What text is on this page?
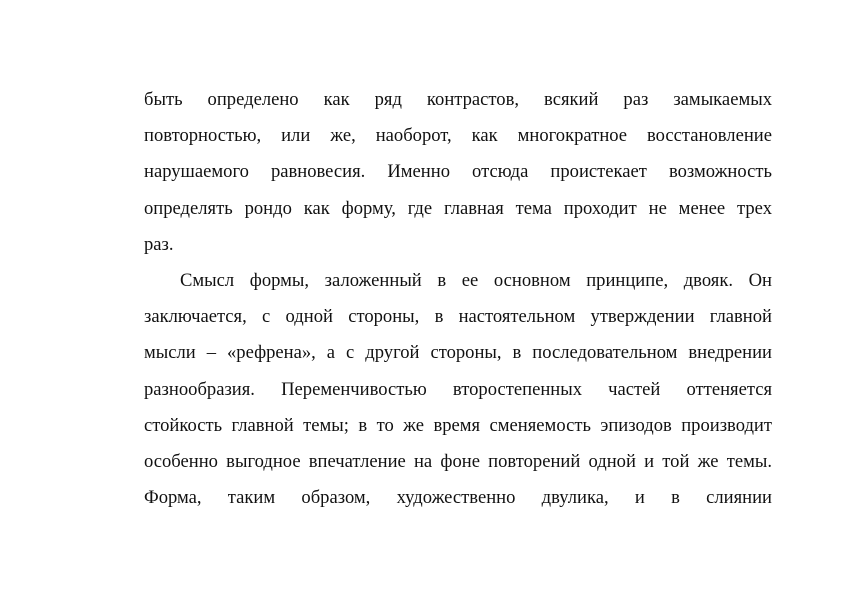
быть определено как ряд контрастов, всякий раз замыкаемых
повторностью, или же, наоборот, как многократное восстановление
нарушаемого равновесия. Именно отсюда проистекает возможность
определять рондо как форму, где главная тема проходит не менее трех
раз.
Смысл формы, заложенный в ее основном принципе, двояк. Он
заключается, с одной стороны, в настоятельном утверждении главной
мысли – «рефрена», а с другой стороны, в последовательном внедрении
разнообразия. Переменчивостью второстепенных частей оттеняется
стойкость главной темы; в то же время сменяемость эпизодов производит
особенно выгодное впечатление на фоне повторений одной и той же темы.
Форма, таким образом, художественно двулика, и в слиянии
